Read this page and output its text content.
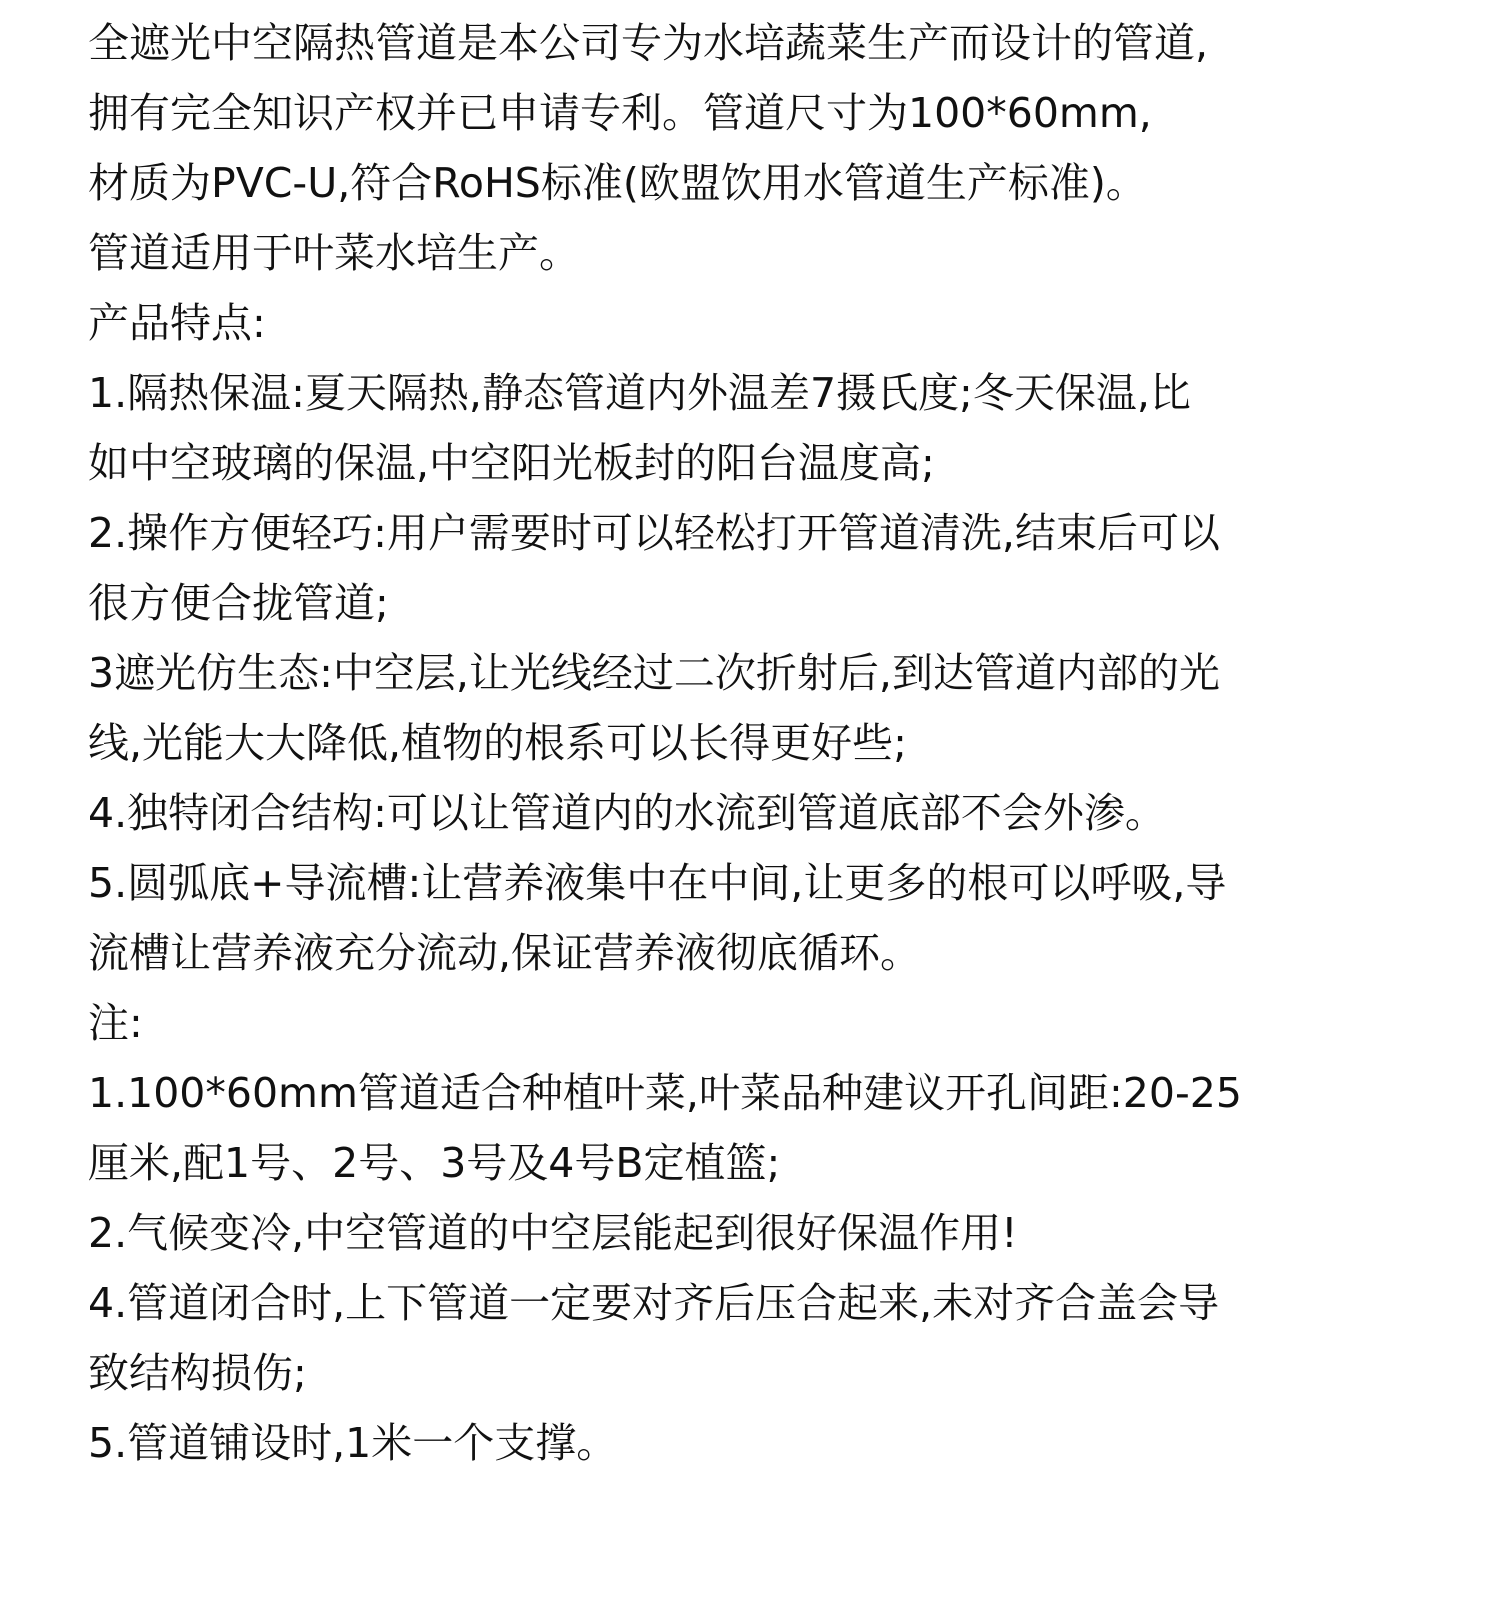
全遮光中空隔热管道是本公司专为水培蔬菜生产而设计的管道,
拥有完全知识产权并已申请专利。管道尺寸为100*60mm,
材质为PVC-U,符合RoHS标准(欧盟饮用水管道生产标准)。
管道适用于叶菜水培生产。
产品特点:
1.隔热保温:夏天隔热,静态管道内外温差7摄氏度;冬天保温,比
如中空玻璃的保温,中空阳光板封的阳台温度高;
2.操作方便轻巧:用户需要时可以轻松打开管道清洗,结束后可以
很方便合拢管道;
3遮光仿生态:中空层,让光线经过二次折射后,到达管道内部的光
线,光能大大降低,植物的根系可以长得更好些;
4.独特闭合结构:可以让管道内的水流到管道底部不会外渗。
5.圆弧底+导流槽:让营养液集中在中间,让更多的根可以呼吸,导
流槽让营养液充分流动,保证营养液彻底循环。
注:
1.100*60mm管道适合种植叶菜,叶菜品种建议开孔间距:20-25
厘米,配1号、2号、3号及4号B定植篮;
2.气候变冷,中空管道的中空层能起到很好保温作用!
4.管道闭合时,上下管道一定要对齐后压合起来,未对齐合盖会导
致结构损伤;
5.管道铺设时,1米一个支撑。
